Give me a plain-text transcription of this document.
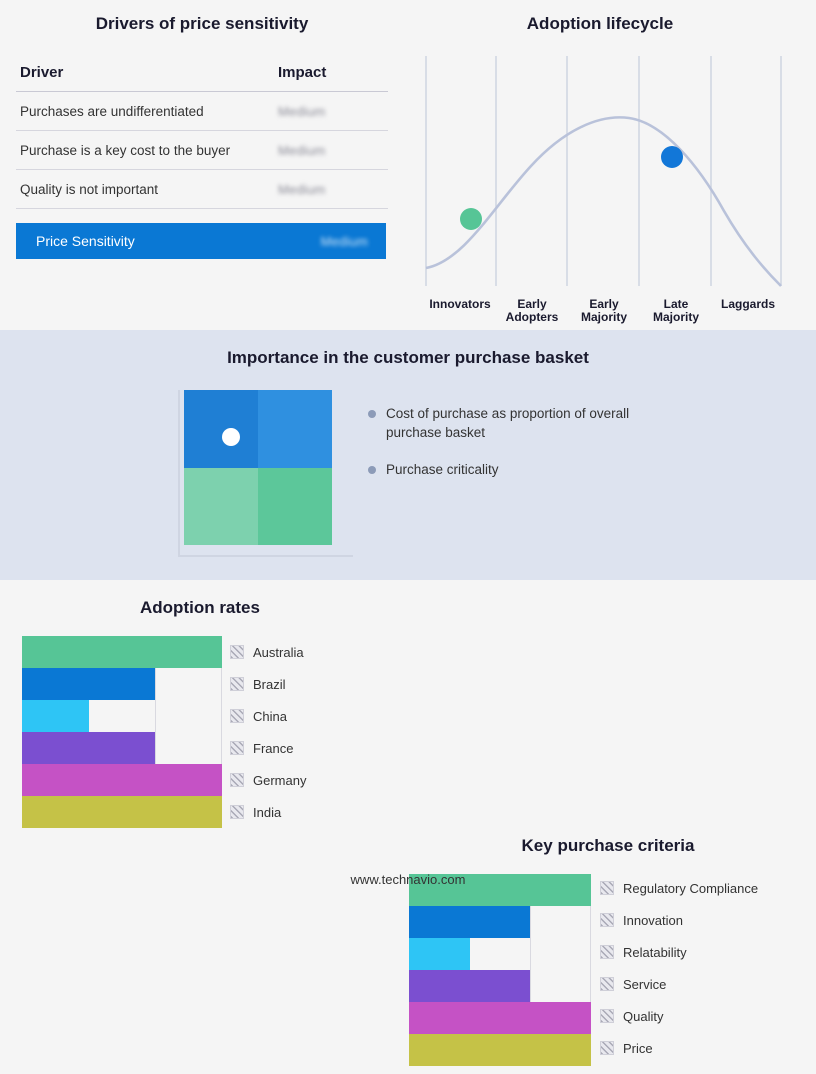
Drivers of price sensitivity
Driver	Impact
Purchases are undifferentiated	Medium
Purchase is a key cost to the buyer	Medium
Quality is not important	Medium
Price Sensitivity	Medium
Adoption lifecycle
Innovators	Early Adopters
Early Majority
Late Majority
Laggards
Importance in the customer purchase basket
Cost of purchase as proportion of overall purchase basket
Purchase criticality
Adoption rates
Australia
Brazil
China
France
Germany
India
Key purchase criteria
Regulatory Compliance
Innovation
Relatability
Service
Quality
Price
www.technavio.com
